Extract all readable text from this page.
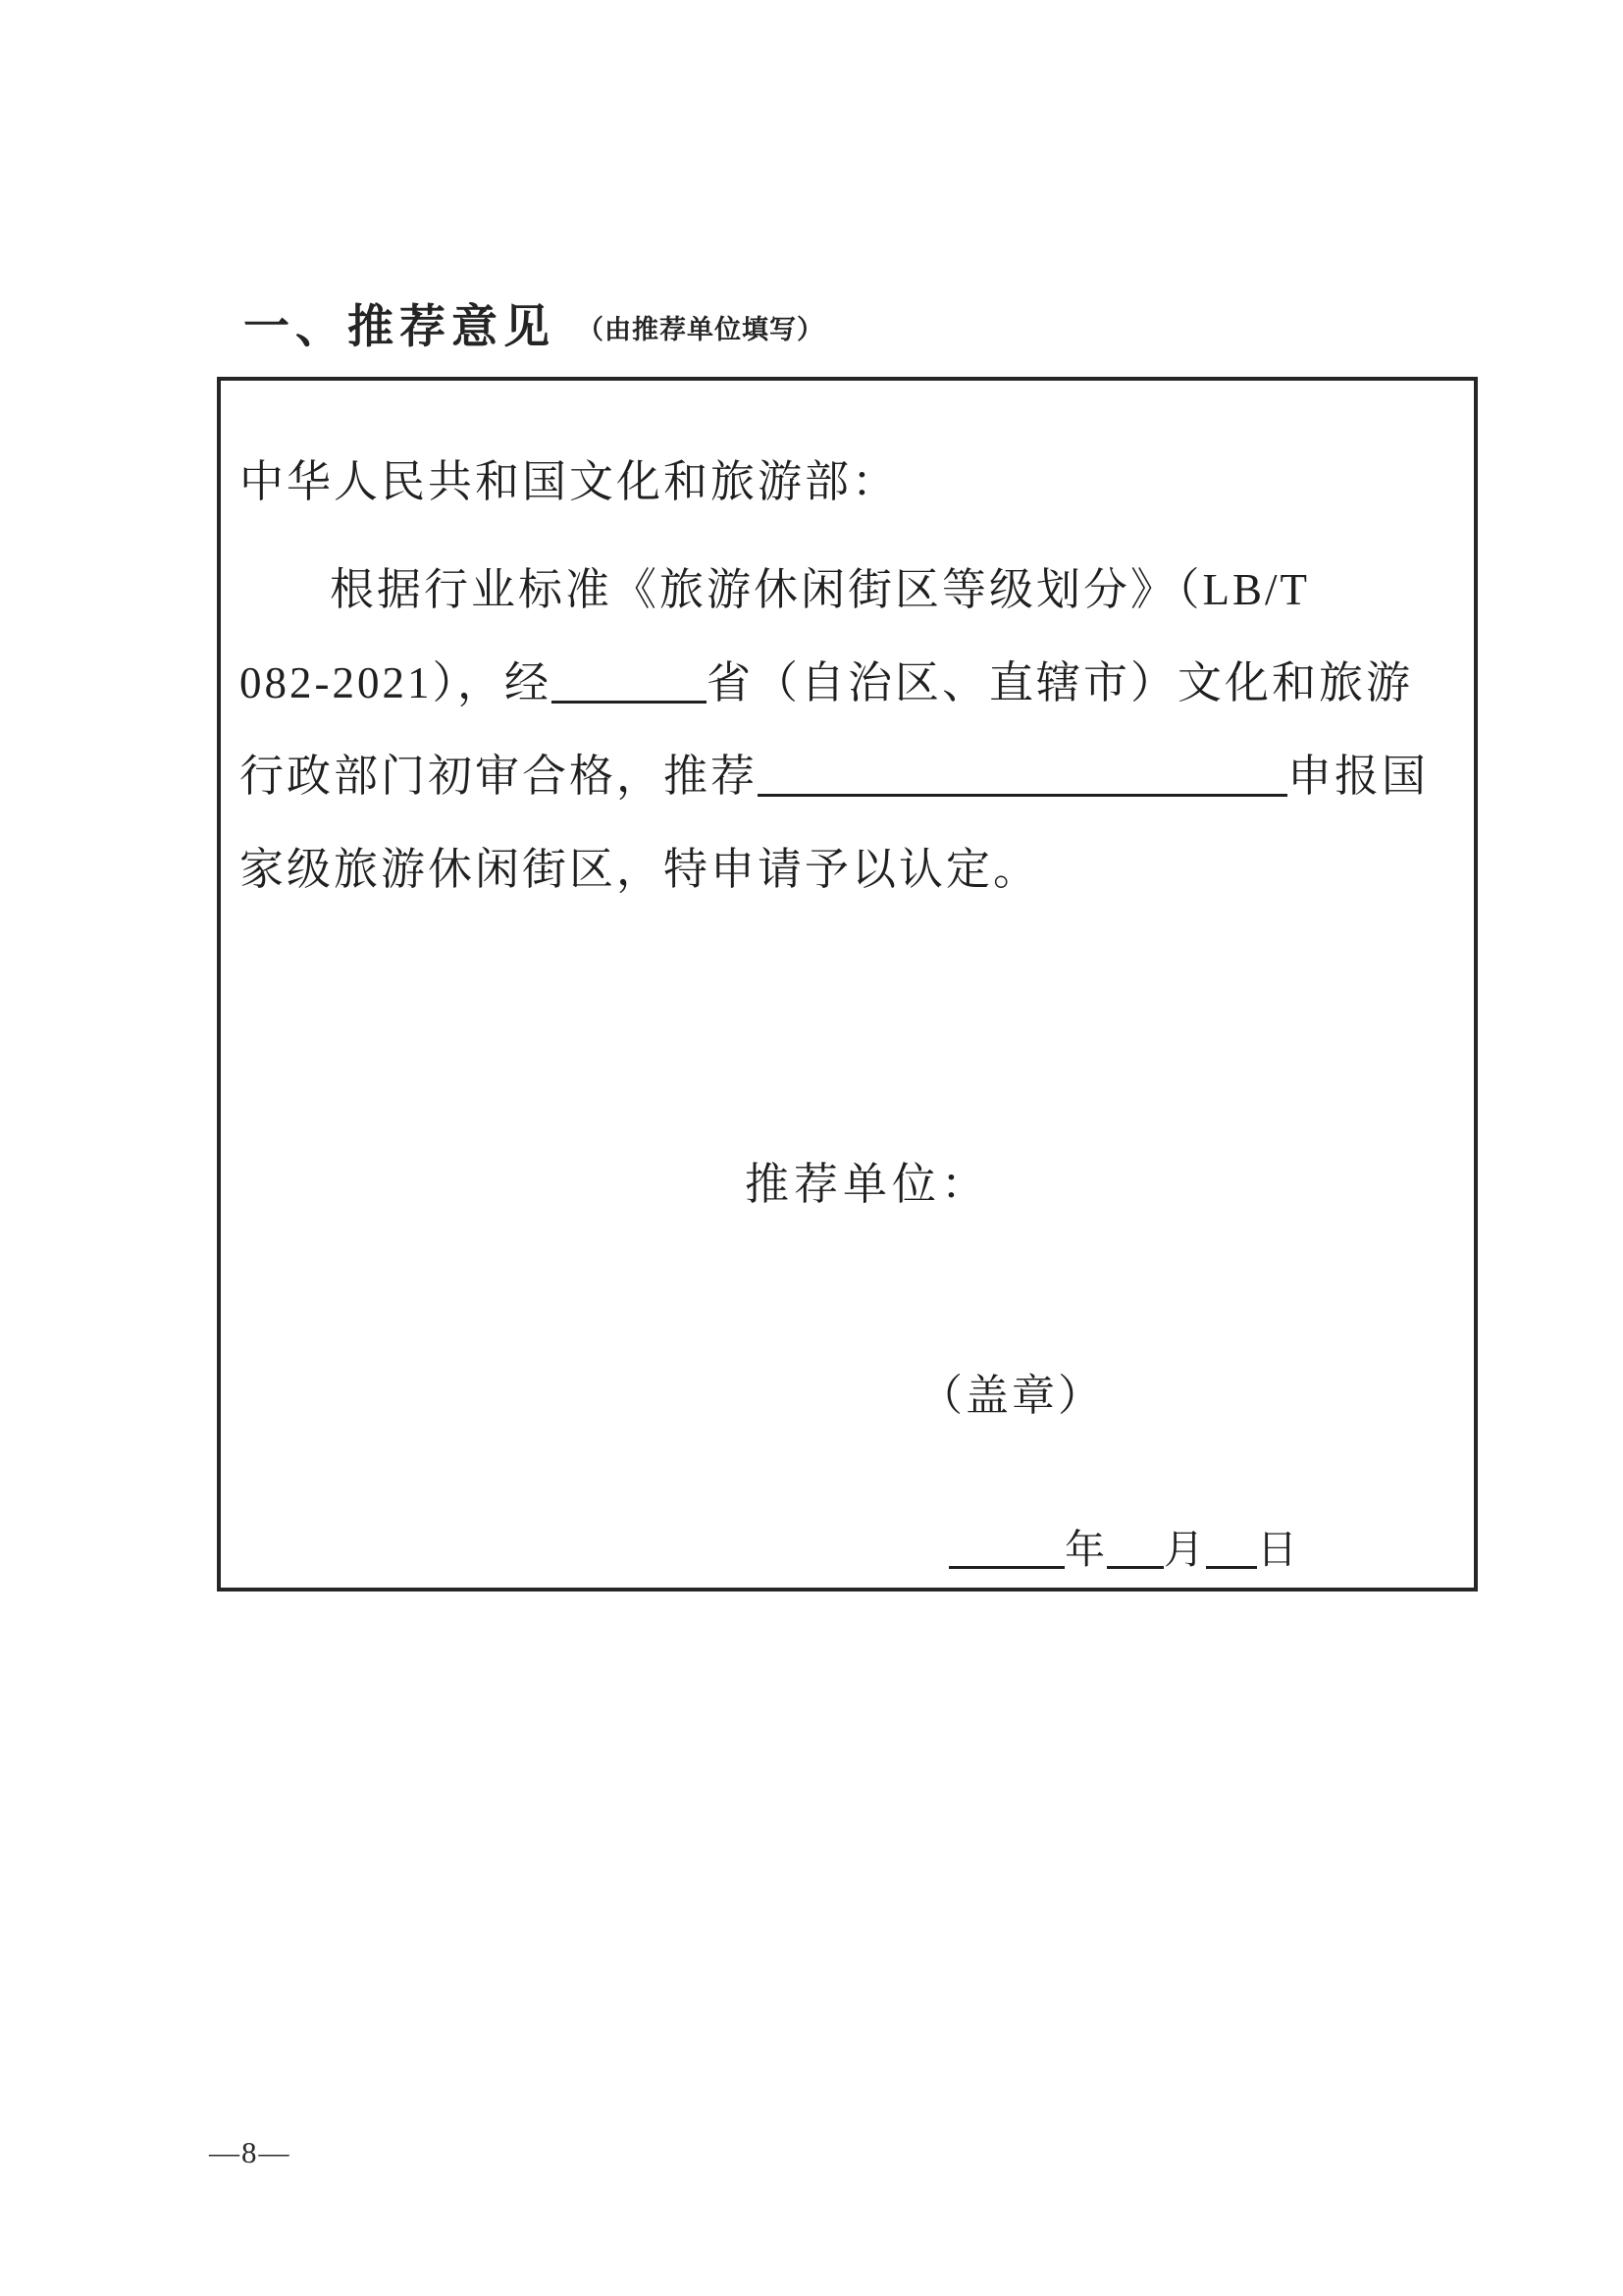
一、推荐意见 （由推荐单位填写）
中华人民共和国文化和旅游部：
根据行业标准《旅游休闲街区等级划分》（LB/T
082-2021），经	省（自治区、直辖市）文化和旅游
行政部门初审合格，推荐	申报国
家级旅游休闲街区，特申请予以认定。
推荐单位：
（盖章）
年 月 日
—8—
